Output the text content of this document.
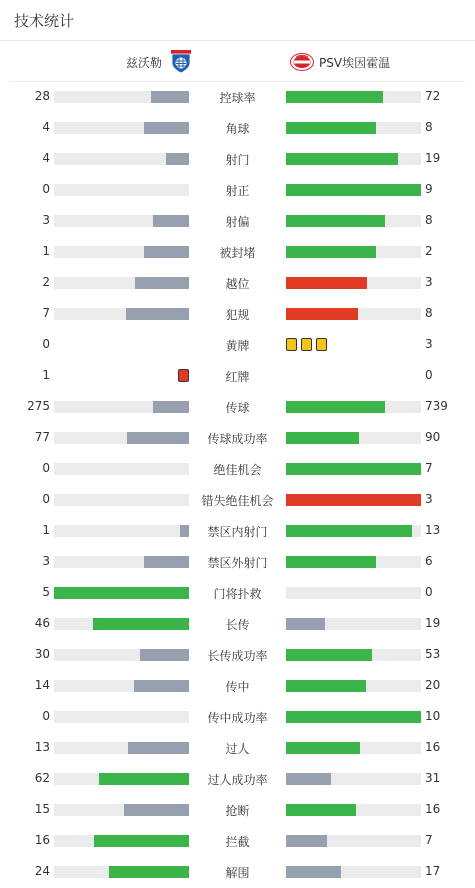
技术统计
兹沃勒	PSV埃因霍温
28	控球率	72
4	角球	8
4	射门	19
0	射正	9
3	射偏	8
1	被封堵	2
2	越位	3
7	犯规	8
0	黄牌	3
1	红牌	0
275	传球	739
77	传球成功率	90
0	绝佳机会	7
0	错失绝佳机会	3
1	禁区内射门	13
3	禁区外射门	6
5	门将扑救	0
46	长传	19
30	长传成功率	53
14	传中	20
0	传中成功率	10
13	过人	16
62	过人成功率	31
15	抢断	16
16	拦截	7
24	解围	17
